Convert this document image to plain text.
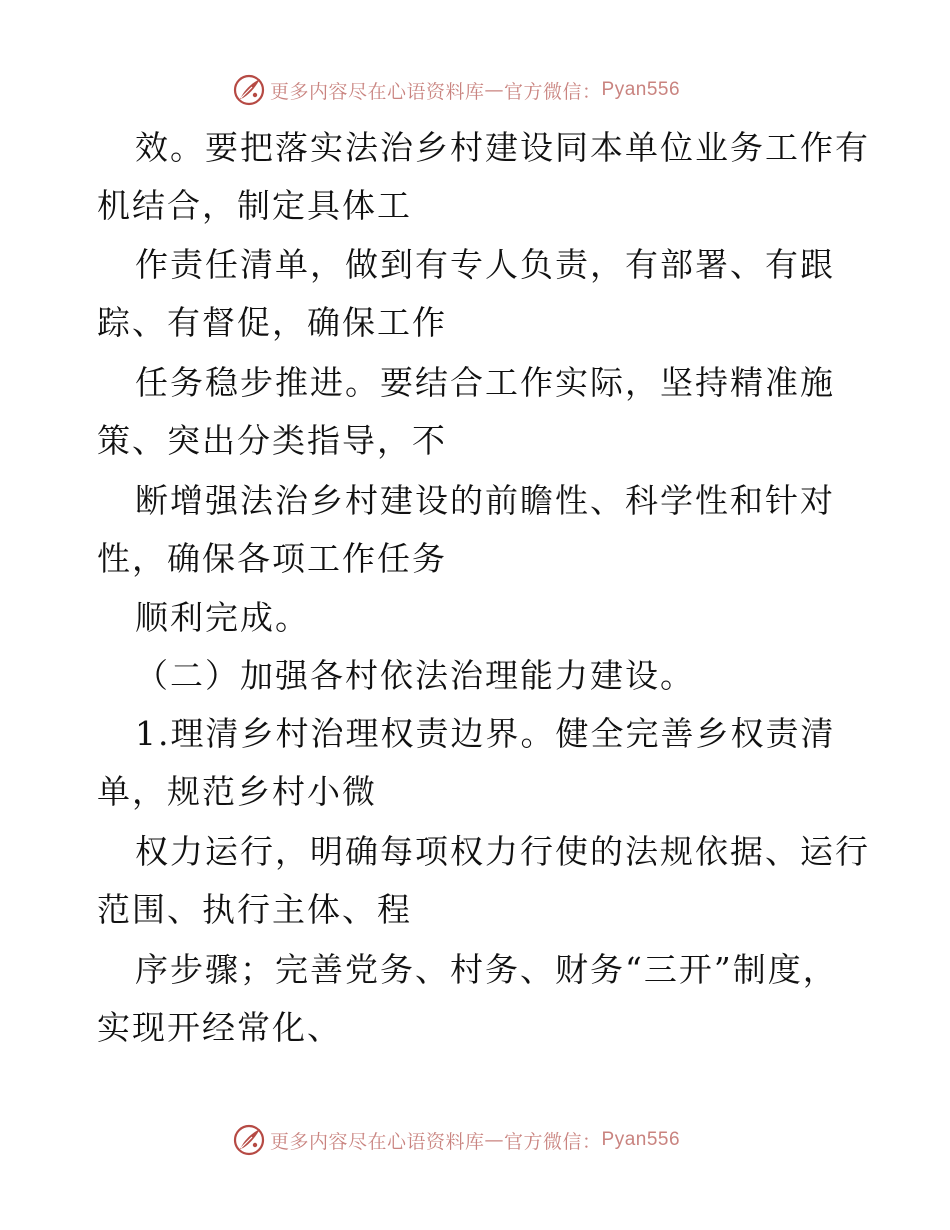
更多内容尽在心语资料库 — 官方微信： Pyan556
效。要把落实法治乡村建设同本单位业务工作有
机结合，制定具体工
作责任清单，做到有专人负责，有部署、有跟
踪、有督促，确保工作
任务稳步推进。要结合工作实际，坚持精准施
策、突出分类指导，不
断增强法治乡村建设的前瞻性、科学性和针对
性，确保各项工作任务
顺利完成。
（二）加强各村依法治理能力建设。
1.理清乡村治理权责边界。健全完善乡权责清
单，规范乡村小微
权力运行，明确每项权力行使的法规依据、运行
范围、执行主体、程
序步骤；完善党务、村务、财务“三开”制度，
实现开经常化、
更多内容尽在心语资料库 — 官方微信： Pyan556
